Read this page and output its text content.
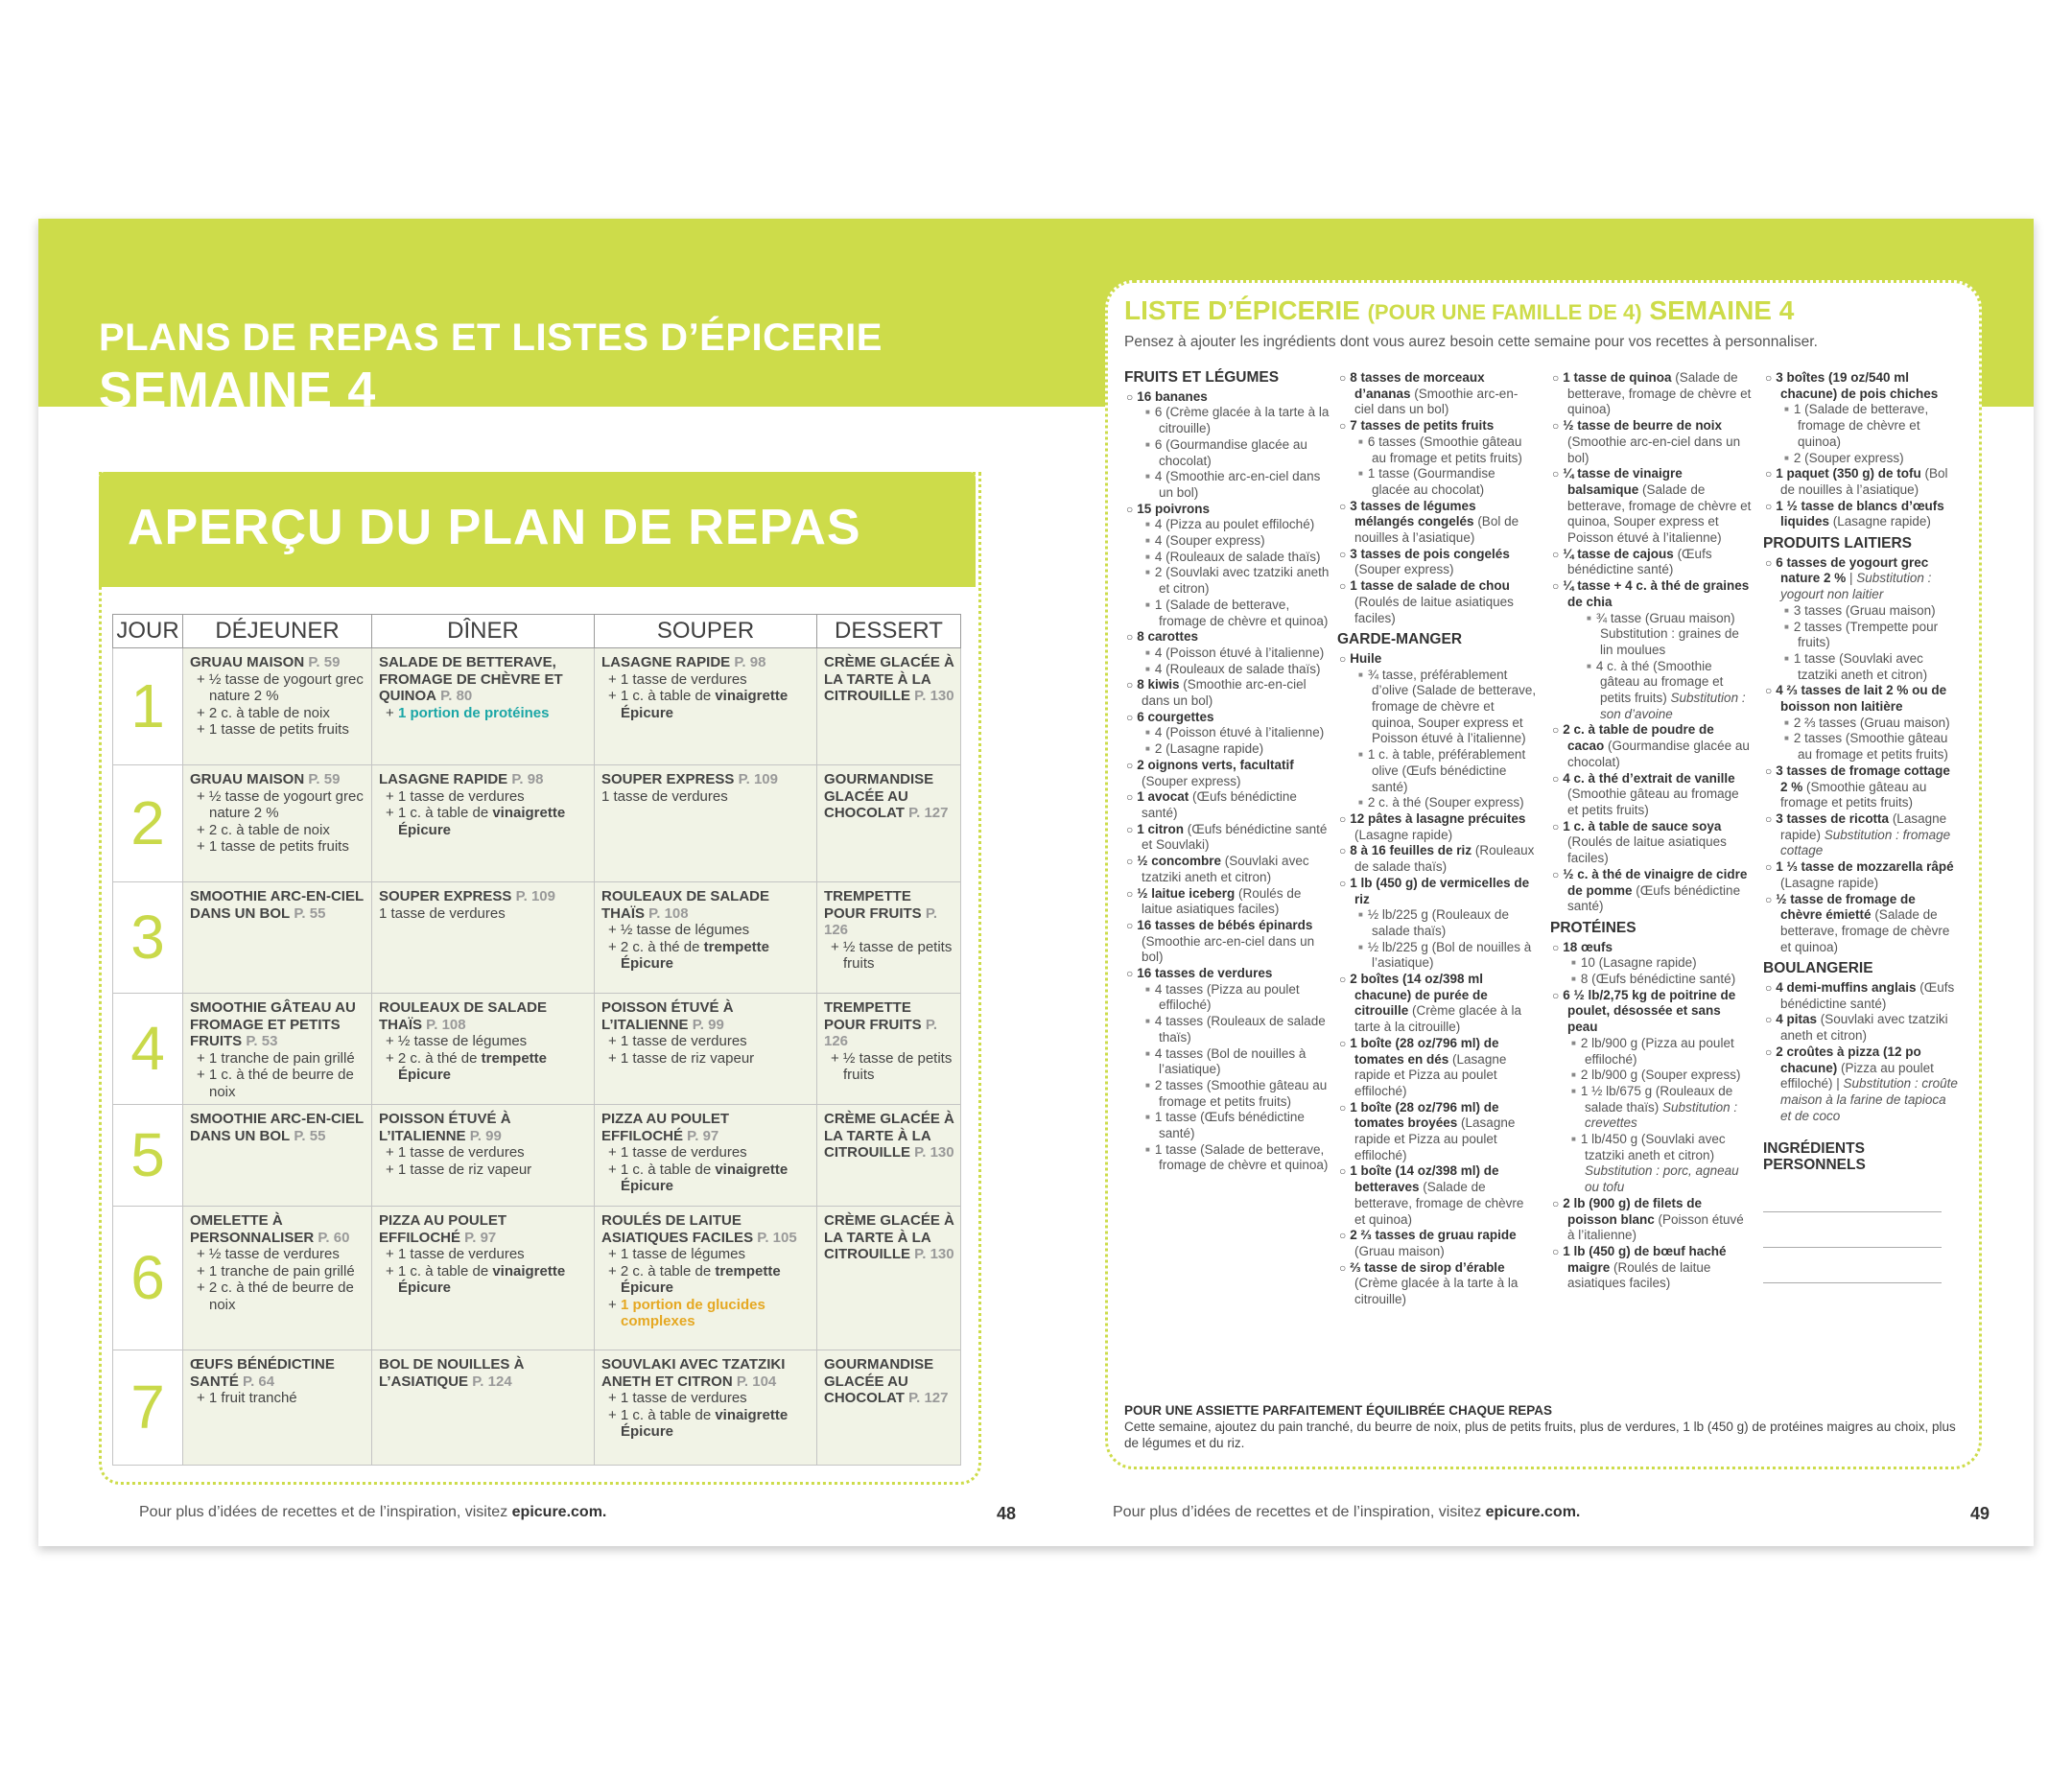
PLANS DE REPAS ET LISTES D’ÉPICERIE
SEMAINE 4
APERÇU DU PLAN DE REPAS
JOUR	DÉJEUNER	DÎNER	SOUPER	DESSERT
1	GRUAU MAISON P. 59
+ ½ tasse de yogourt grec nature 2 %
+ 2 c. à table de noix
+ 1 tasse de petits fruits	SALADE DE BETTERAVE, FROMAGE DE CHÈVRE ET QUINOA P. 80
+ 1 portion de protéines	LASAGNE RAPIDE P. 98
+ 1 tasse de verdures
+ 1 c. à table de vinaigrette Épicure	CRÈME GLACÉE À LA TARTE À LA CITROUILLE P. 130
2	GRUAU MAISON P. 59
+ ½ tasse de yogourt grec nature 2 %
+ 2 c. à table de noix
+ 1 tasse de petits fruits	LASAGNE RAPIDE P. 98
+ 1 tasse de verdures
+ 1 c. à table de vinaigrette Épicure	SOUPER EXPRESS P. 109
1 tasse de verdures	GOURMANDISE GLACÉE AU CHOCOLAT P. 127
3	SMOOTHIE ARC-EN-CIEL DANS UN BOL P. 55	SOUPER EXPRESS P. 109
1 tasse de verdures	ROULEAUX DE SALADE THAÏS P. 108
+ ½ tasse de légumes
+ 2 c. à thé de trempette Épicure	TREMPETTE POUR FRUITS P. 126
+ ½ tasse de petits fruits

4	SMOOTHIE GÂTEAU AU FROMAGE ET PETITS FRUITS P. 53
+ 1 tranche de pain grillé
+ 1 c. à thé de beurre de noix	ROULEAUX DE SALADE THAÏS P. 108
+ ½ tasse de légumes
+ 2 c. à thé de trempette Épicure	POISSON ÉTUVÉ À L’ITALIENNE P. 99
+ 1 tasse de verdures
+ 1 tasse de riz vapeur	TREMPETTE POUR FRUITS P. 126
+ ½ tasse de petits fruits

5	SMOOTHIE ARC-EN-CIEL DANS UN BOL P. 55	POISSON ÉTUVÉ À L’ITALIENNE P. 99
+ 1 tasse de verdures
+ 1 tasse de riz vapeur	PIZZA AU POULET EFFILOCHÉ P. 97
+ 1 tasse de verdures
+ 1 c. à table de vinaigrette Épicure	CRÈME GLACÉE À LA TARTE À LA CITROUILLE P. 130
6	OMELETTE À PERSONNALISER P. 60
+ ½ tasse de verdures
+ 1 tranche de pain grillé
+ 2 c. à thé de beurre de noix	PIZZA AU POULET EFFILOCHÉ P. 97
+ 1 tasse de verdures
+ 1 c. à table de vinaigrette Épicure	ROULÉS DE LAITUE ASIATIQUES FACILES P. 105
+ 1 tasse de légumes
+ 2 c. à table de trempette Épicure
+ 1 portion de glucides complexes	CRÈME GLACÉE À LA TARTE À LA CITROUILLE P. 130
7	ŒUFS BÉNÉDICTINE SANTÉ P. 64
+ 1 fruit tranché	BOL DE NOUILLES À L’ASIATIQUE P. 124	SOUVLAKI AVEC TZATZIKI ANETH ET CITRON P. 104
+ 1 tasse de verdures
+ 1 c. à table de vinaigrette Épicure	GOURMANDISE GLACÉE AU CHOCOLAT P. 127
Pour plus d’idées de recettes et de l’inspiration, visitez epicure.com.	48
LISTE D’ÉPICERIE (POUR UNE FAMILLE DE 4) SEMAINE 4
Pensez à ajouter les ingrédients dont vous aurez besoin cette semaine pour vos recettes à personnaliser.
FRUITS ET LÉGUMES
○ 16 bananes
■ 6 (Crème glacée à la tarte à la citrouille)
■ 6 (Gourmandise glacée au chocolat)
■ 4 (Smoothie arc-en-ciel dans un bol)
○ 15 poivrons
■ 4 (Pizza au poulet effiloché)
■ 4 (Souper express)
■ 4 (Rouleaux de salade thaïs)
■ 2 (Souvlaki avec tzatziki aneth et citron)
■ 1 (Salade de betterave, fromage de chèvre et quinoa)
○ 8 carottes
■ 4 (Poisson étuvé à l’italienne)
■ 4 (Rouleaux de salade thaïs)
○ 8 kiwis (Smoothie arc-en-ciel dans un bol)
○ 6 courgettes
■ 4 (Poisson étuvé à l’italienne)
■ 2 (Lasagne rapide)
○ 2 oignons verts, facultatif (Souper express)
○ 1 avocat (Œufs bénédictine santé)
○ 1 citron (Œufs bénédictine santé et Souvlaki)
○ ½ concombre (Souvlaki avec tzatziki aneth et citron)
○ ½ laitue iceberg (Roulés de laitue asiatiques faciles)
○ 16 tasses de bébés épinards (Smoothie arc-en-ciel dans un bol)
○ 16 tasses de verdures
■ 4 tasses (Pizza au poulet effiloché)
■ 4 tasses (Rouleaux de salade thaïs)
■ 4 tasses (Bol de nouilles à l’asiatique)
■ 2 tasses (Smoothie gâteau au fromage et petits fruits)
■ 1 tasse (Œufs bénédictine santé)
■ 1 tasse (Salade de betterave, fromage de chèvre et quinoa)
○ 8 tasses de morceaux d’ananas (Smoothie arc-en-ciel dans un bol)
○ 7 tasses de petits fruits
■ 6 tasses (Smoothie gâteau au fromage et petits fruits)
■ 1 tasse (Gourmandise glacée au chocolat)
○ 3 tasses de légumes mélangés congelés (Bol de nouilles à l’asiatique)
○ 3 tasses de pois congelés (Souper express)
○ 1 tasse de salade de chou (Roulés de laitue asiatiques faciles)
GARDE-MANGER
○ Huile
■ ¾ tasse, préférablement d’olive (Salade de betterave, fromage de chèvre et quinoa, Souper express et Poisson étuvé à l’italienne)
■ 1 c. à table, préférablement olive (Œufs bénédictine santé)
■ 2 c. à thé (Souper express)
○ 12 pâtes à lasagne précuites (Lasagne rapide)
○ 8 à 16 feuilles de riz (Rouleaux de salade thaïs)
○ 1 lb (450 g) de vermicelles de riz
■ ½ lb/225 g (Rouleaux de salade thaïs)
■ ½ lb/225 g (Bol de nouilles à l’asiatique)
○ 2 boîtes (14 oz/398 ml chacune) de purée de citrouille (Crème glacée à la tarte à la citrouille)
○ 1 boîte (28 oz/796 ml) de tomates en dés (Lasagne rapide et Pizza au poulet effiloché)
○ 1 boîte (28 oz/796 ml) de tomates broyées (Lasagne rapide et Pizza au poulet effiloché)
○ 1 boîte (14 oz/398 ml) de betteraves (Salade de betterave, fromage de chèvre et quinoa)
○ 2 ⅔ tasses de gruau rapide (Gruau maison)
○ ⅔ tasse de sirop d’érable (Crème glacée à la tarte à la citrouille)
○ 1 tasse de quinoa (Salade de betterave, fromage de chèvre et quinoa)
○ ½ tasse de beurre de noix (Smoothie arc-en-ciel dans un bol)
○ ¼ tasse de vinaigre balsamique (Salade de betterave, fromage de chèvre et quinoa, Souper express et Poisson étuvé à l’italienne)
○ ¼ tasse de cajous (Œufs bénédictine santé)
○ ¼ tasse + 4 c. à thé de graines de chia
■ ¾ tasse (Gruau maison) Substitution : graines de lin moulues
■ 4 c. à thé (Smoothie gâteau au fromage et petits fruits) Substitution : son d’avoine
○ 2 c. à table de poudre de cacao (Gourmandise glacée au chocolat)
○ 4 c. à thé d’extrait de vanille (Smoothie gâteau au fromage et petits fruits)
○ 1 c. à table de sauce soya (Roulés de laitue asiatiques faciles)
○ ½ c. à thé de vinaigre de cidre de pomme (Œufs bénédictine santé)
PROTÉINES
○ 18 œufs
■ 10 (Lasagne rapide)
■ 8 (Œufs bénédictine santé)
○ 6 ½ lb/2,75 kg de poitrine de poulet, désossée et sans peau
■ 2 lb/900 g (Pizza au poulet effiloché)
■ 2 lb/900 g (Souper express)
■ 1 ½ lb/675 g (Rouleaux de salade thaïs) Substitution : crevettes
■ 1 lb/450 g (Souvlaki avec tzatziki aneth et citron) Substitution : porc, agneau ou tofu
○ 2 lb (900 g) de filets de poisson blanc (Poisson étuvé à l’italienne)
○ 1 lb (450 g) de bœuf haché maigre (Roulés de laitue asiatiques faciles)
○ 3 boîtes (19 oz/540 ml chacune) de pois chiches
■ 1 (Salade de betterave, fromage de chèvre et quinoa)
■ 2 (Souper express)
○ 1 paquet (350 g) de tofu (Bol de nouilles à l’asiatique)
○ 1 ½ tasse de blancs d’œufs liquides (Lasagne rapide)
PRODUITS LAITIERS
○ 6 tasses de yogourt grec nature 2 % | Substitution : yogourt non laitier
■ 3 tasses (Gruau maison)
■ 2 tasses (Trempette pour fruits)
■ 1 tasse (Souvlaki avec tzatziki aneth et citron)
○ 4 ⅔ tasses de lait 2 % ou de boisson non laitière
■ 2 ⅔ tasses (Gruau maison)
■ 2 tasses (Smoothie gâteau au fromage et petits fruits)
○ 3 tasses de fromage cottage 2 % (Smoothie gâteau au fromage et petits fruits)
○ 3 tasses de ricotta (Lasagne rapide) Substitution : fromage cottage
○ 1 ⅓ tasse de mozzarella râpé (Lasagne rapide)
○ ½ tasse de fromage de chèvre émietté (Salade de betterave, fromage de chèvre et quinoa)
BOULANGERIE
○ 4 demi-muffins anglais (Œufs bénédictine santé)
○ 4 pitas (Souvlaki avec tzatziki aneth et citron)
○ 2 croûtes à pizza (12 po chacune) (Pizza au poulet effiloché) | Substitution : croûte maison à la farine de tapioca et de coco
INGRÉDIENTS PERSONNELS
POUR UNE ASSIETTE PARFAITEMENT ÉQUILIBRÉE CHAQUE REPAS
Cette semaine, ajoutez du pain tranché, du beurre de noix, plus de petits fruits, plus de verdures, 1 lb (450 g) de protéines maigres au choix, plus de légumes et du riz.
Pour plus d’idées de recettes et de l’inspiration, visitez epicure.com.	49
